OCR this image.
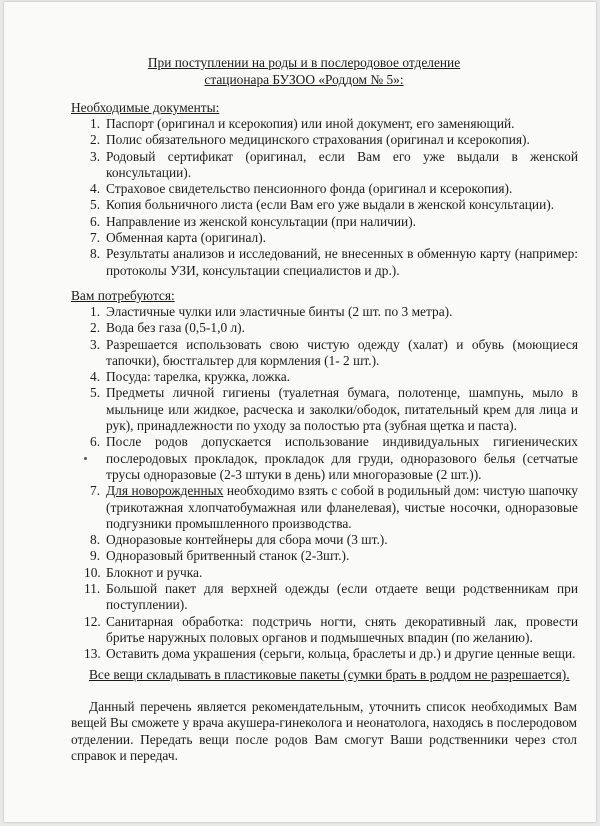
При поступлении на роды и в послеродовое отделение
стационара БУЗОО «Роддом № 5»:
Необходимые документы:
1. Паспорт (оригинал и ксерокопия) или иной документ, его заменяющий.
2. Полис обязательного медицинского страхования (оригинал и ксерокопия).
3. Родовый сертификат (оригинал, если Вам его уже выдали в женской консультации).
4. Страховое свидетельство пенсионного фонда (оригинал и ксерокопия).
5. Копия больничного листа (если Вам его уже выдали в женской консультации).
6. Направление из женской консультации (при наличии).
7. Обменная карта (оригинал).
8. Результаты анализов и исследований, не внесенных в обменную карту (например: протоколы УЗИ, консультации специалистов и др.).
Вам потребуются:
1. Эластичные чулки или эластичные бинты (2 шт. по 3 метра).
2. Вода без газа (0,5-1,0 л).
3. Разрешается использовать свою чистую одежду (халат) и обувь (моющиеся тапочки), бюстгальтер для кормления (1- 2 шт.).
4. Посуда: тарелка, кружка, ложка.
5. Предметы личной гигиены (туалетная бумага, полотенце, шампунь, мыло в мыльнице или жидкое, расческа и заколки/ободок, питательный крем для лица и рук), принадлежности по уходу за полостью рта (зубная щетка и паста).
6. После родов допускается использование индивидуальных гигиенических послеродовых прокладок, прокладок для груди, одноразового белья (сетчатые трусы одноразовые (2-3 штуки в день) или многоразовые (2 шт.)).
7. Для новорожденных необходимо взять с собой в родильный дом: чистую шапочку (трикотажная хлопчатобумажная или фланелевая), чистые носочки, одноразовые подгузники промышленного производства.
8. Одноразовые контейнеры для сбора мочи (3 шт.).
9. Одноразовый бритвенный станок (2-3шт.).
10. Блокнот и ручка.
11. Большой пакет для верхней одежды (если отдаете вещи родственникам при поступлении).
12. Санитарная обработка: подстричь ногти, снять декоративный лак, провести бритье наружных половых органов и подмышечных впадин (по желанию).
13. Оставить дома украшения (серьги, кольца, браслеты и др.) и другие ценные вещи.
Все вещи складывать в пластиковые пакеты (сумки брать в роддом не разрешается).
Данный перечень является рекомендательным, уточнить список необходимых Вам вещей Вы сможете у врача акушера-гинеколога и неонатолога, находясь в послеродовом отделении. Передать вещи после родов Вам смогут Ваши родственники через стол справок и передач.
